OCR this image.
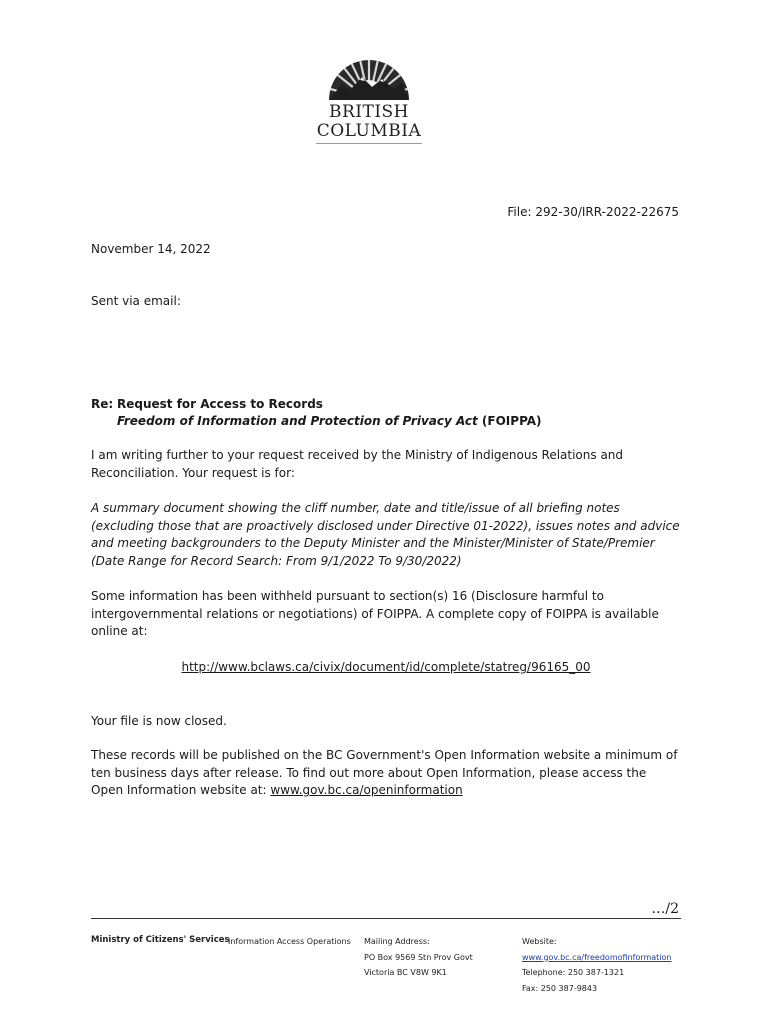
BRITISH
COLUMBIA
File: 292-30/IRR-2022-22675
November 14, 2022
Sent via email:
Re: Request for Access to Records
Freedom of Information and Protection of Privacy Act (FOIPPA)
I am writing further to your request received by the Ministry of Indigenous Relations and Reconciliation. Your request is for:
A summary document showing the cliff number, date and title/issue of all briefing notes (excluding those that are proactively disclosed under Directive 01-2022), issues notes and advice and meeting backgrounders to the Deputy Minister and the Minister/Minister of State/Premier (Date Range for Record Search: From 9/1/2022 To 9/30/2022)
Some information has been withheld pursuant to section(s) 16 (Disclosure harmful to intergovernmental relations or negotiations) of FOIPPA. A complete copy of FOIPPA is available online at:
http://www.bclaws.ca/civix/document/id/complete/statreg/96165_00
Your file is now closed.
These records will be published on the BC Government's Open Information website a minimum of ten business days after release. To find out more about Open Information, please access the Open Information website at: www.gov.bc.ca/openinformation
…/2
Ministry of Citizens' Services
Information Access Operations Mailing Address:
PO Box 9569 Stn Prov Govt
Victoria BC V8W 9K1
Website:
www.gov.bc.ca/freedomofinformation
Telephone: 250 387-1321
Fax: 250 387-9843
